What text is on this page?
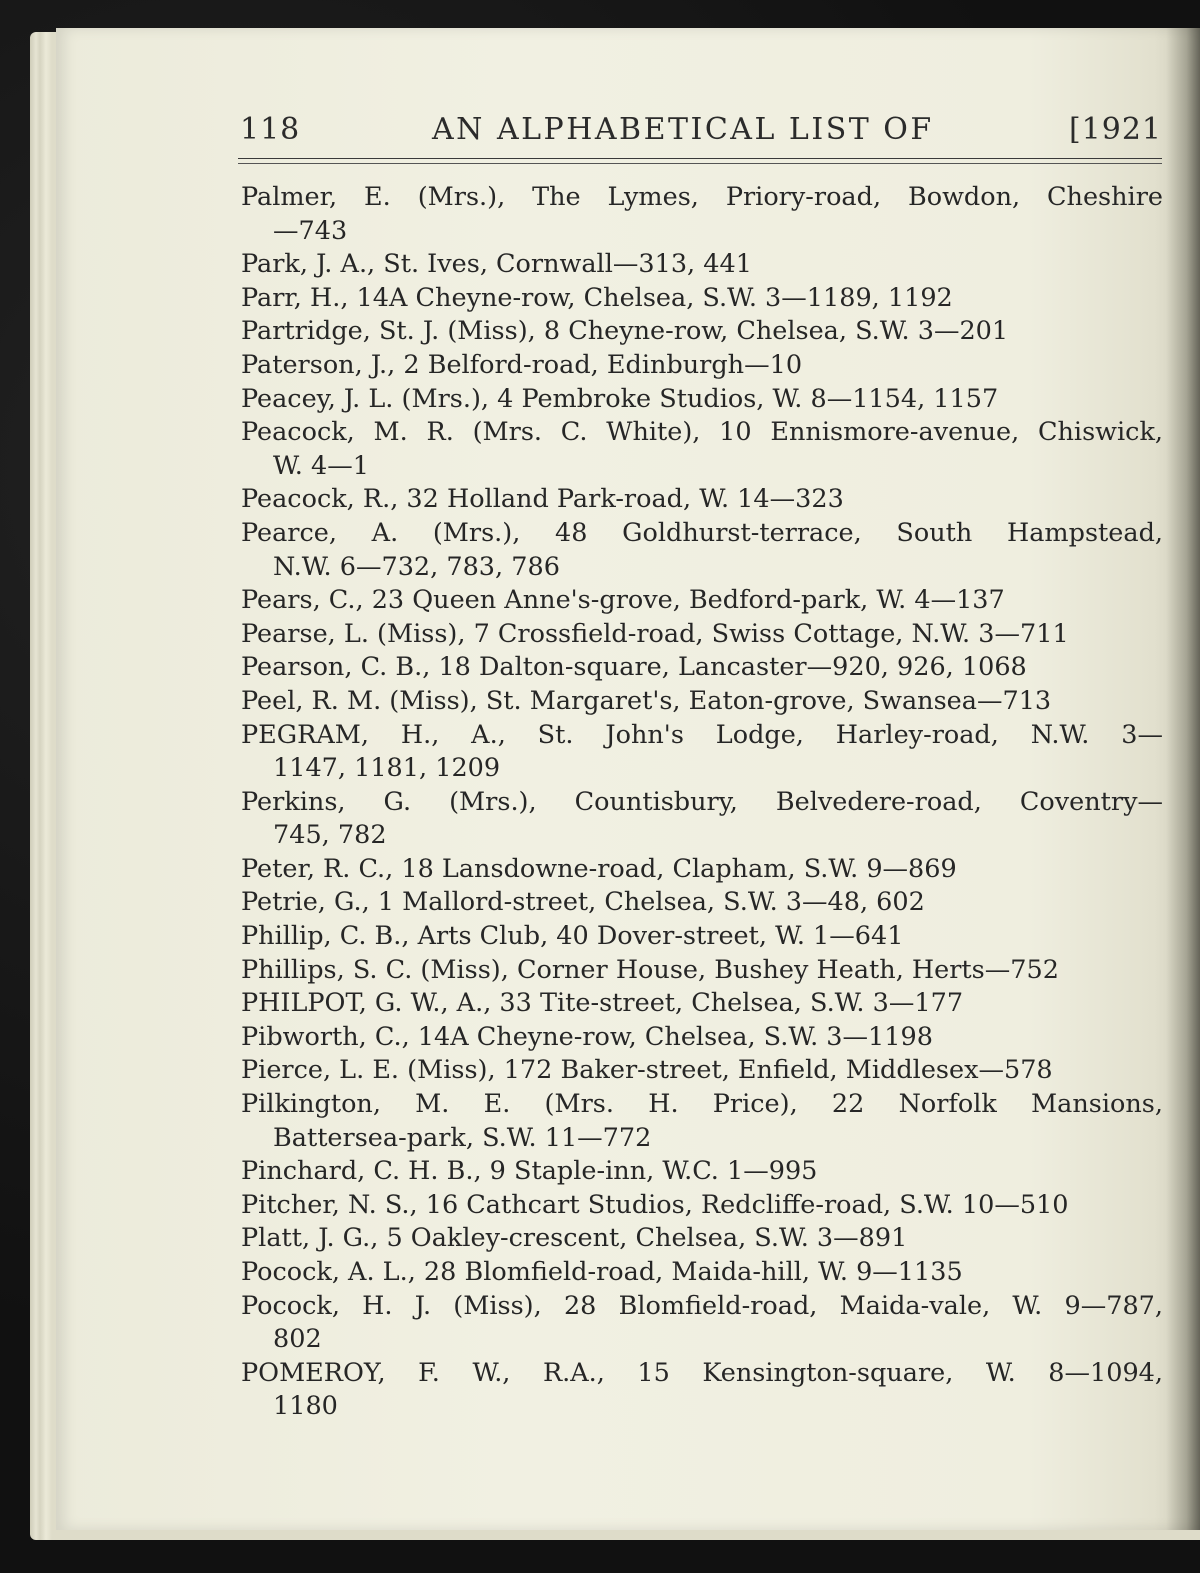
118	AN ALPHABETICAL LIST OF	[1921
Palmer, E. (Mrs.), The Lymes, Priory-road, Bowdon, Cheshire
—743
Park, J. A., St. Ives, Cornwall—313, 441
Parr, H., 14A Cheyne-row, Chelsea, S.W. 3—1189, 1192
Partridge, St. J. (Miss), 8 Cheyne-row, Chelsea, S.W. 3—201
Paterson, J., 2 Belford-road, Edinburgh—10
Peacey, J. L. (Mrs.), 4 Pembroke Studios, W. 8—1154, 1157
Peacock, M. R. (Mrs. C. White), 10 Ennismore-avenue, Chiswick,
W. 4—1
Peacock, R., 32 Holland Park-road, W. 14—323
Pearce, A. (Mrs.), 48 Goldhurst-terrace, South Hampstead,
N.W. 6—732, 783, 786
Pears, C., 23 Queen Anne's-grove, Bedford-park, W. 4—137
Pearse, L. (Miss), 7 Crossfield-road, Swiss Cottage, N.W. 3—711
Pearson, C. B., 18 Dalton-square, Lancaster—920, 926, 1068
Peel, R. M. (Miss), St. Margaret's, Eaton-grove, Swansea—713
PEGRAM, H., A., St. John's Lodge, Harley-road, N.W. 3—
1147, 1181, 1209
Perkins, G. (Mrs.), Countisbury, Belvedere-road, Coventry—
745, 782
Peter, R. C., 18 Lansdowne-road, Clapham, S.W. 9—869
Petrie, G., 1 Mallord-street, Chelsea, S.W. 3—48, 602
Phillip, C. B., Arts Club, 40 Dover-street, W. 1—641
Phillips, S. C. (Miss), Corner House, Bushey Heath, Herts—752
PHILPOT, G. W., A., 33 Tite-street, Chelsea, S.W. 3—177
Pibworth, C., 14A Cheyne-row, Chelsea, S.W. 3—1198
Pierce, L. E. (Miss), 172 Baker-street, Enfield, Middlesex—578
Pilkington, M. E. (Mrs. H. Price), 22 Norfolk Mansions,
Battersea-park, S.W. 11—772
Pinchard, C. H. B., 9 Staple-inn, W.C. 1—995
Pitcher, N. S., 16 Cathcart Studios, Redcliffe-road, S.W. 10—510
Platt, J. G., 5 Oakley-crescent, Chelsea, S.W. 3—891
Pocock, A. L., 28 Blomfield-road, Maida-hill, W. 9—1135
Pocock, H. J. (Miss), 28 Blomfield-road, Maida-vale, W. 9—787,
802
POMEROY, F. W., R.A., 15 Kensington-square, W. 8—1094,
1180
